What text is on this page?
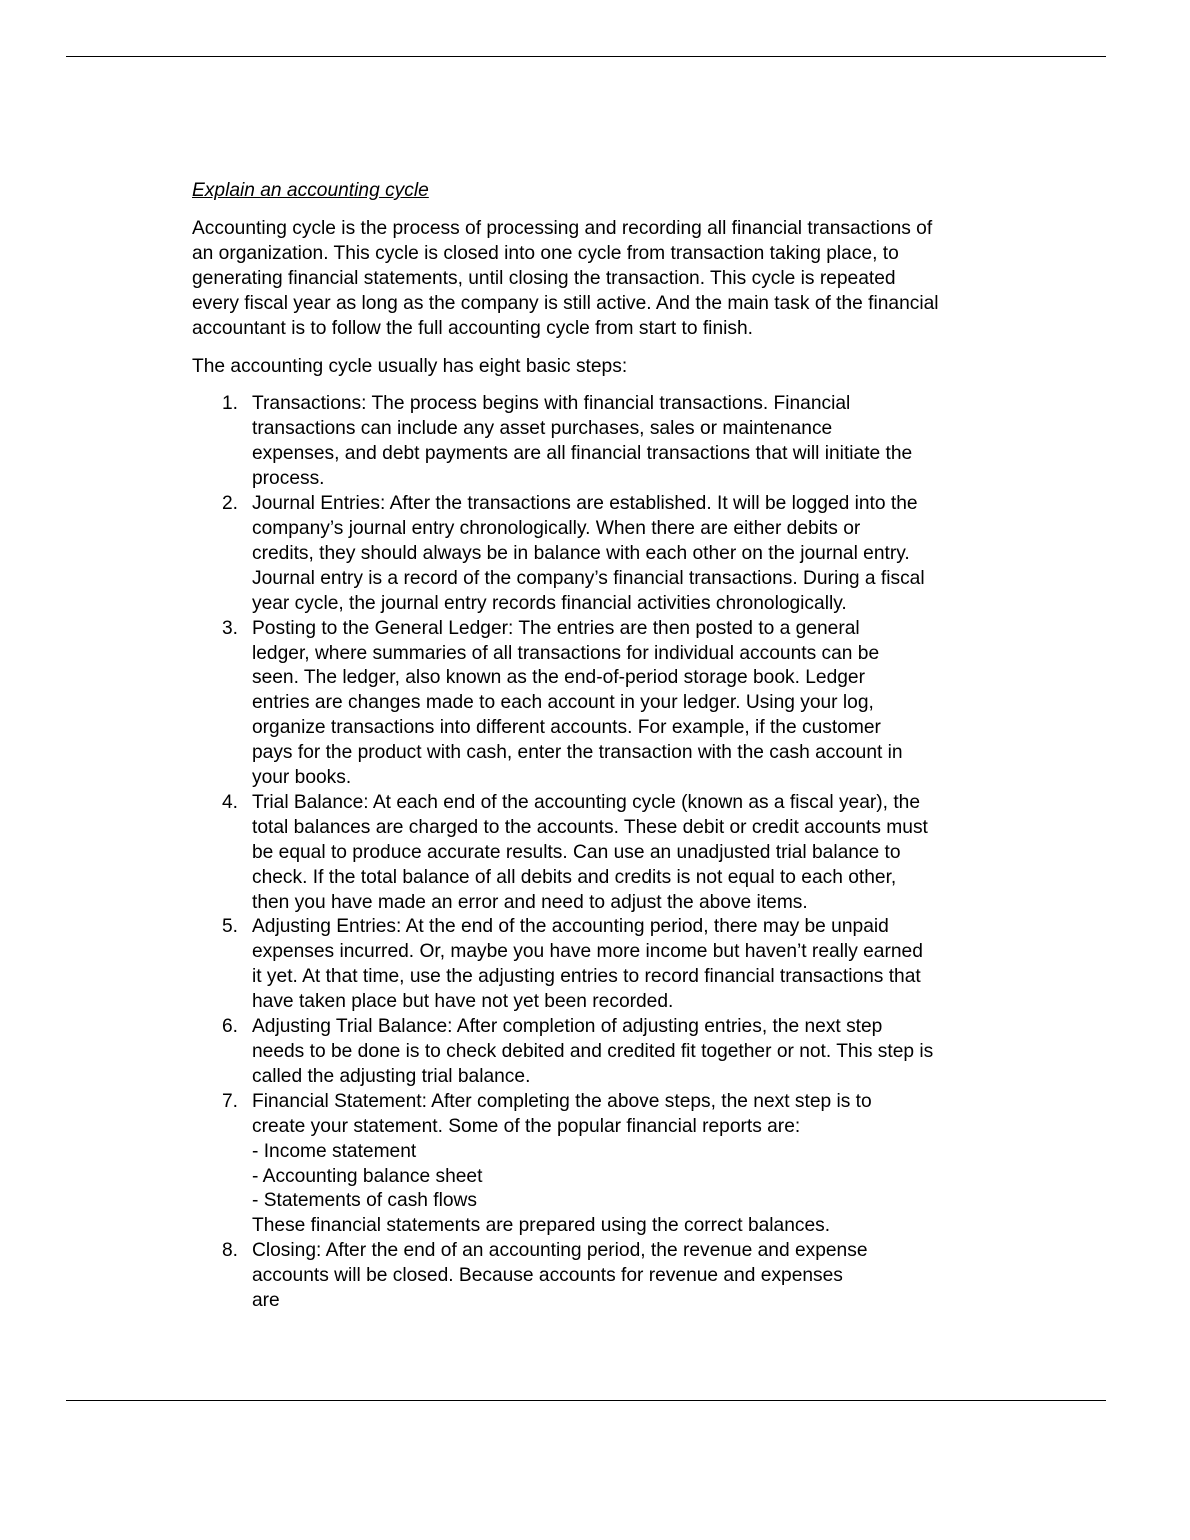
Explain an accounting cycle
Accounting cycle is the process of processing and recording all financial transactions of
an organization. This cycle is closed into one cycle from transaction taking place, to
generating financial statements, until closing the transaction. This cycle is repeated
every fiscal year as long as the company is still active. And the main task of the financial
accountant is to follow the full accounting cycle from start to finish.
The accounting cycle usually has eight basic steps:
1. Transactions: The process begins with financial transactions. Financial
transactions can include any asset purchases, sales or maintenance
expenses, and debt payments are all financial transactions that will initiate the
process.
2. Journal Entries: After the transactions are established. It will be logged into the
company’s journal entry chronologically. When there are either debits or
credits, they should always be in balance with each other on the journal entry.
Journal entry is a record of the company’s financial transactions. During a fiscal
year cycle, the journal entry records financial activities chronologically.
3. Posting to the General Ledger: The entries are then posted to a general
ledger, where summaries of all transactions for individual accounts can be
seen. The ledger, also known as the end-of-period storage book. Ledger
entries are changes made to each account in your ledger. Using your log,
organize transactions into different accounts. For example, if the customer
pays for the product with cash, enter the transaction with the cash account in
your books.
4. Trial Balance: At each end of the accounting cycle (known as a fiscal year), the
total balances are charged to the accounts. These debit or credit accounts must
be equal to produce accurate results. Can use an unadjusted trial balance to
check. If the total balance of all debits and credits is not equal to each other,
then you have made an error and need to adjust the above items.
5. Adjusting Entries: At the end of the accounting period, there may be unpaid
expenses incurred. Or, maybe you have more income but haven’t really earned
it yet. At that time, use the adjusting entries to record financial transactions that
have taken place but have not yet been recorded.
6. Adjusting Trial Balance: After completion of adjusting entries, the next step
needs to be done is to check debited and credited fit together or not. This step is
called the adjusting trial balance.
7. Financial Statement: After completing the above steps, the next step is to
create your statement. Some of the popular financial reports are:
- Income statement
- Accounting balance sheet
- Statements of cash flows
These financial statements are prepared using the correct balances.
8. Closing: After the end of an accounting period, the revenue and expense
accounts will be closed. Because accounts for revenue and expenses
are
